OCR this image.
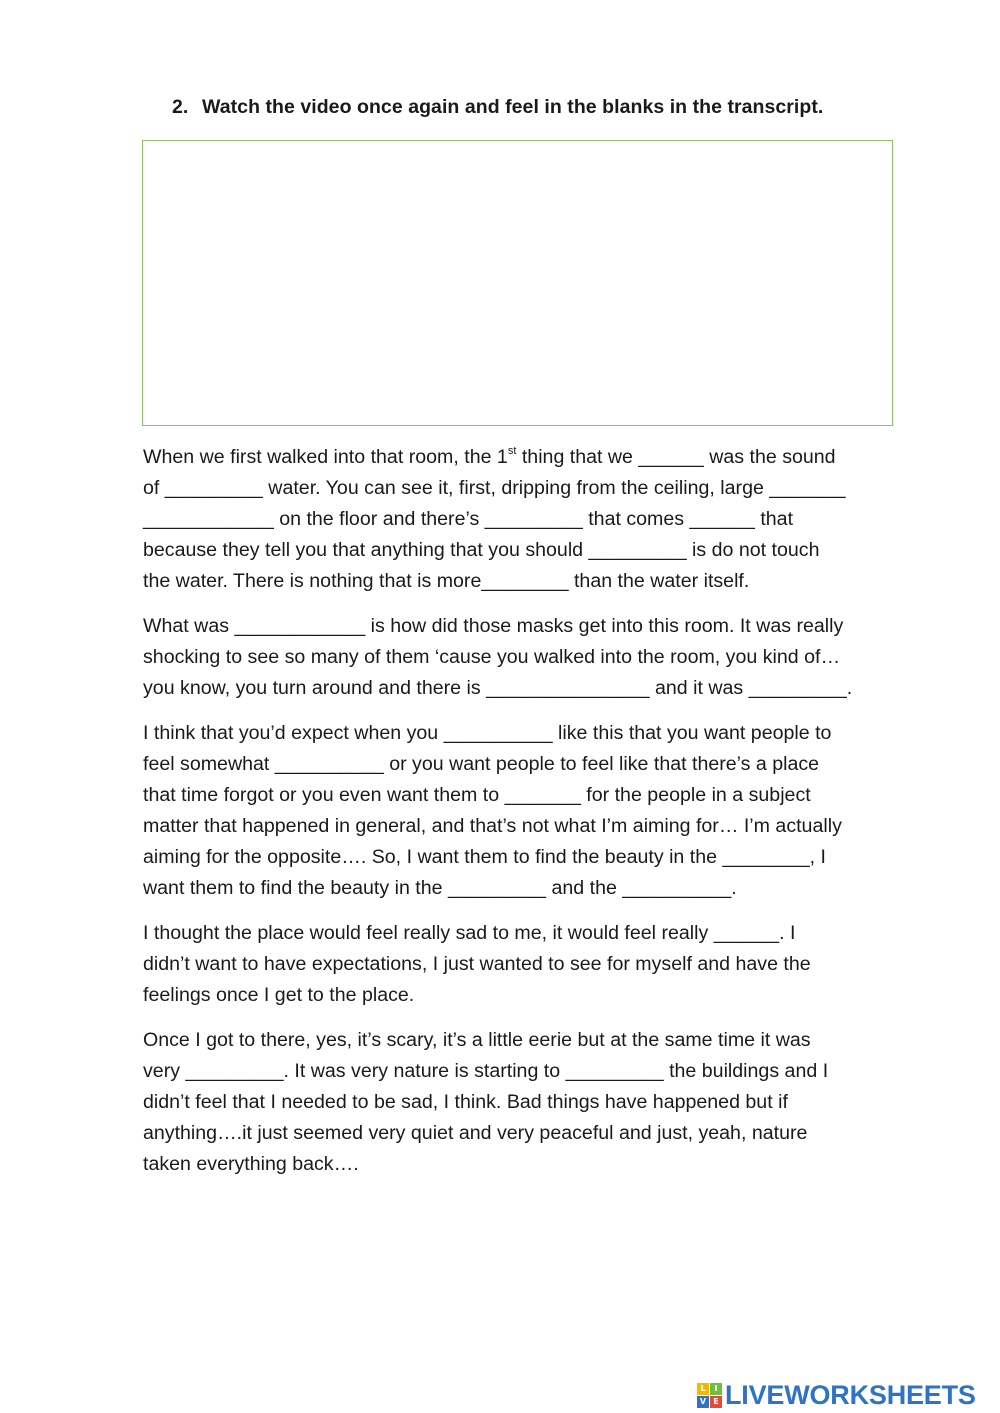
2. Watch the video once again and feel in the blanks in the transcript.

When we first walked into that room, the 1st thing that we ______ was the sound
of _________ water. You can see it, first, dripping from the ceiling, large _______
____________ on the floor and there’s _________ that comes ______ that
because they tell you that anything that you should _________ is do not touch
the water. There is nothing that is more________ than the water itself.

What was ____________ is how did those masks get into this room. It was really
shocking to see so many of them ‘cause you walked into the room, you kind of…
you know, you turn around and there is _______________ and it was _________.

I think that you’d expect when you __________ like this that you want people to
feel somewhat __________ or you want people to feel like that there’s a place
that time forgot or you even want them to _______ for the people in a subject
matter that happened in general, and that’s not what I’m aiming for… I’m actually
aiming for the opposite…. So, I want them to find the beauty in the ________, I
want them to find the beauty in the _________ and the __________.

I thought the place would feel really sad to me, it would feel really ______. I
didn’t want to have expectations, I just wanted to see for myself and have the
feelings once I get to the place.

Once I got to there, yes, it’s scary, it’s a little eerie but at the same time it was
very _________. It was very nature is starting to _________ the buildings and I
didn’t feel that I needed to be sad, I think. Bad things have happened but if
anything….it just seemed very quiet and very peaceful and just, yeah, nature
taken everything back….

L	I
V E LIVEWORKSHEETS
